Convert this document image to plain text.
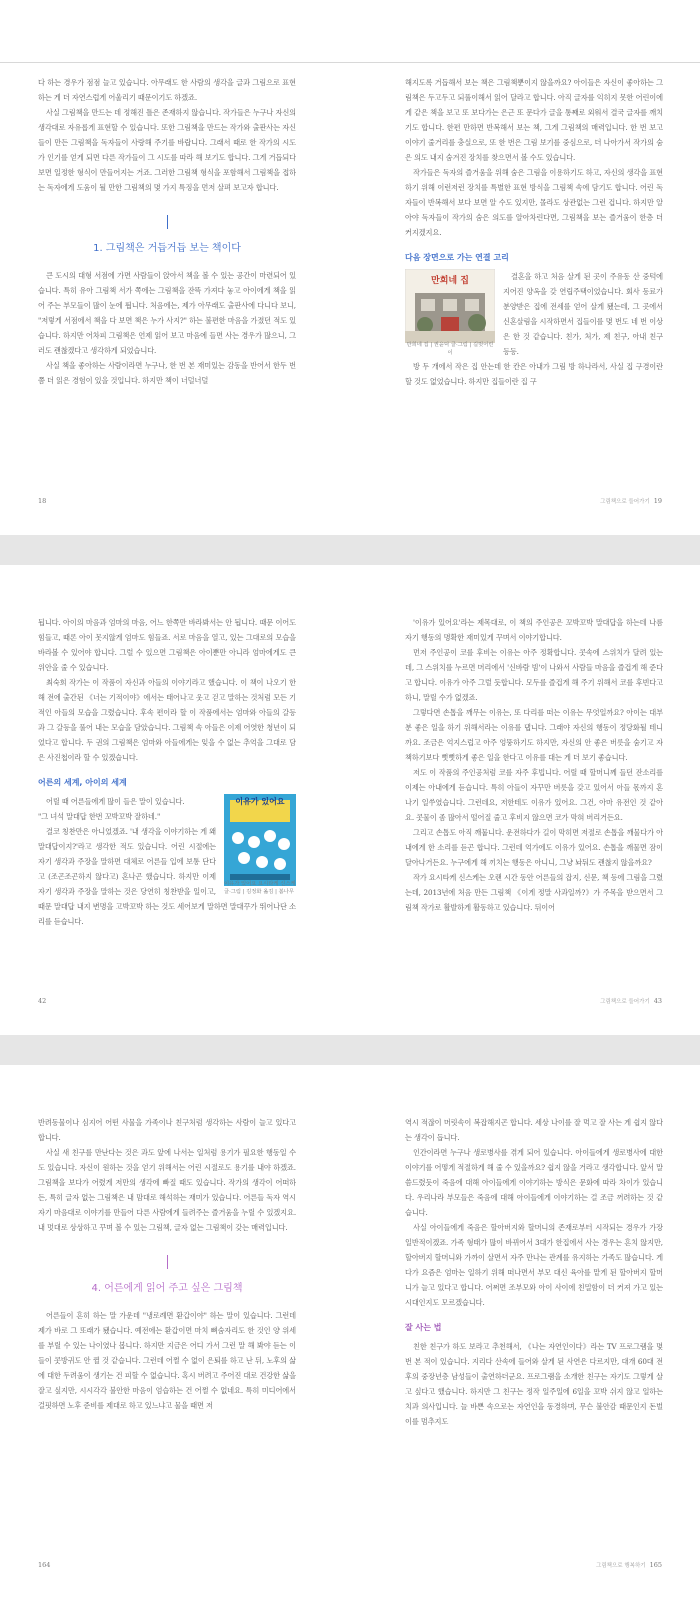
다 하는 경우가 점점 늘고 있습니다. 아무래도 한 사람의 생각을 글과 그림으로 표현하는 게 더 자연스럽게 어울리기 때문이기도 하겠죠.

사실 그림책을 만드는 데 정해진 틀은 존재하지 않습니다. 작가들은 누구나 자신의 생각대로 자유롭게 표현할 수 있습니다. 또한 그림책을 만드는 작가와 출판사는 자신들이 만든 그림책을 독자들이 사랑해 주기를 바랍니다. 그래서 때로 한 작가의 시도가 인기를 얻게 되면 다른 작가들이 그 시도를 따라 해 보기도 합니다. 그게 거듭되다 보면 일정한 형식이 만들어지는 거죠. 그러한 그림책 형식을 포함해서 그림책을 접하는 독자에게 도움이 될 만한 그림책의 몇 가지 특징을 먼저 살펴 보고자 합니다.

1. 그림책은 거듭거듭 보는 책이다

큰 도시의 대형 서점에 가면 사람들이 앉아서 책을 볼 수 있는 공간이 마련되어 있습니다. 특히 유아 그림책 서가 쪽에는 그림책을 잔뜩 가져다 놓고 아이에게 책을 읽어 주는 부모들이 많이 눈에 띕니다. 처음에는, 제가 아무래도 출판사에 다니다 보니, "저렇게 서점에서 책을 다 보면 책은 누가 사지?" 하는 불편한 마음을 가졌던 적도 있습니다. 하지만 어차피 그림책은 언제 읽어 보고 마음에 들면 사는 경우가 많으니, 그러도 괜찮겠다고 생각하게 되었습니다.

사실 책을 좋아하는 사람이라면 누구나, 한 번 본 재미있는 감동을 반어서 한두 번쯤 더 읽은 경험이 있을 것입니다. 하지만 책이 너덜너덜

18

해지도록 거듭해서 보는 책은 그림책뿐이지 않을까요? 아이들은 자신이 좋아하는 그림책은 두고두고 되풀이해서 읽어 달라고 합니다. 아직 글자를 익히지 못한 어린이에게 같은 책을 보고 또 보다가는 은근 또 문다가 글을 통째로 외워서 결국 글자를 깨치기도 합니다. 한편 만하면 반복해서 보는 책, 그게 그림책의 매력입니다. 한 번 보고 이야기 줄거리를 충실으로, 또 한 번은 그림 보기를 중심으로, 더 나아가서 작가의 숨은 의도 내지 숨겨진 장치를 찾으면서 볼 수도 있습니다.

작가들은 독자의 즐거움을 위해 숨은 그림을 이용하기도 하고, 자신의 생각을 표현하기 위해 이런저런 장치를 특별한 표현 방식을 그림책 속에 담기도 합니다. 어린 독자들이 반복해서 보다 보면 알 수도 있지만, 몰라도 상관없는 그런 겁니다. 하지만 알아야 독자들이 작가의 숨은 의도를 알아차린다면, 그림책을 보는 즐거움이 한층 더 커지겠지요.

다음 장면으로 가는 연결 고리
만희네 집
만희네 집 | 권윤덕 글·그림 | 길벗어린이

결혼을 하고 처음 살게 된 곳이 주유동 산 중턱에 지어진 양옥을 갖 연립주택이었습니다. 회사 동료가 분양받은 집에 전세를 얻어 살게 됐는데, 그 곳에서 신혼살림을 시작하면서 집들이를 몇 번도 네 번 이상은 한 것 같습니다. 친가, 처가, 제 친구, 아내 친구 등등.

방 두 개에서 작은 집 안는데 한 칸은 아내가 그림 방 하나라서, 사실 집 구경이란 할 것도 없었습니다. 하지만 집들이란 집 구

그림책으로 들어가기 19

됩니다. 아이의 마음과 엄마의 마음, 어느 한쪽만 바라봐서는 안 됩니다. 때문 이어도 힘들고, 때론 아이 못지않게 엄마도 힘들죠. 서로 마음을 열고, 있는 그대로의 모습을 바라볼 수 있어야 합니다. 그럴 수 있으면 그림책은 아이뿐만 아니라 엄마에게도 큰 위안을 줄 수 있습니다.

최숙희 작가는 이 작품이 자신과 아들의 이야기라고 했습니다. 이 책이 나오기 한 해 전에 출간된 《너는 기적이야》에서는 태어나고 웃고 걷고 말하는 것처럼 모든 기적인 아들의 모습을 그렸습니다. 후속 편이라 할 이 작품에서는 엄마와 아들의 갈등과 그 갈등을 풀어 내는 모습을 담았습니다. 그림책 속 아들은 이제 어엿한 청년이 되었다고 합니다. 두 권의 그림책은 엄마와 아들에게는 잊을 수 없는 추억을 그대로 담은 사진첩이라 할 수 있겠습니다.

어른의 세계, 아이의 세계
이유가 있어요
이유가 있어요 요시타케 신스케 글·그림 | 김정화 옮김 | 봄나무

어릴 때 어른들에게 많이 들은 말이 있습니다.

"그 녀석 말대답 한번 꼬박꼬박 잘하네."

결코 칭찬만은 아니었겠죠. '내 생각을 이야기하는 게 왜 말대답이지?'라고 생각한 적도 있습니다. 어린 시절에는 자기 생각과 주장을 말하면 대체로 어른들 입에 보통 단다고 (조곤조곤하지 않다고) 혼나곤 했습니다. 하지만 이제 자기 생각과 주장을 말하는 것은 당연히 칭찬받을 일이고, 때문 말대답 내지 변명을 고박꼬박 하는 것도 세어보게 말하면 말대꾸가 뛰어나단 소리를 듣습니다.

42

'이유가 있어요'라는 제목대로, 이 책의 주인공은 꼬박꼬박 말대답을 하는데 나름 자기 행동의 명확한 재미있게 꾸며서 이야기합니다.

먼저 주인공이 코를 후비는 이유는 아주 정확합니다. 콧속에 스위치가 달려 있는데, 그 스위치를 누르면 머리에서 '신바람 빔'이 나와서 사람들 마음을 즐겁게 해 준다고 합니다. 이유가 아주 그럴 듯합니다. 모두를 즐겁게 해 주기 위해서 코를 후빈다고 하니, 말릴 수가 없겠죠.

그렇다면 손톱을 깨무는 이유는, 또 다리를 떠는 이유는 무엇일까요? 아이는 대부분 좋은 일을 하기 위해서라는 이유를 댑니다. 그래야 자신의 행동이 정당화될 테니까요. 조금은 억지스럽고 아주 엉뚱하기도 하지만, 자신의 안 좋은 버릇을 숨기고 자책하기보다 뻣뻣하게 좋은 일을 한다고 이유를 대는 게 더 보기 좋습니다.

저도 이 작품의 주인공처럼 코를 자주 후빕니다. 어릴 때 할머니께 들던 잔소리를 이제는 아내에게 듣습니다. 특히 아들이 자꾸만 버릇을 갖고 있어서 아들 몫까지 혼나기 일쑤였습니다. 그런데요, 저한테도 이유가 있어요. 그건, 아마 유전인 것 같아요. 콧물이 좀 많아서 떨어질 줄고 후비지 않으면 코가 막혀 버리거든요.

그리고 손톱도 아직 깨뭅니다. 운전하다가 길이 막히면 저절로 손톱을 깨물다가 아내에게 한 소리를 듣곤 합니다. 그런데 억가에도 이유가 있어요. 손톱을 깨물면 잠이 달아나거든요. 누구에게 해 끼치는 행동은 아니니, 그냥 놔둬도 괜찮지 않을까요?

작가 요시타케 신스케는 오랜 시간 동안 어른들의 잡지, 신문, 책 등에 그림을 그렸는데, 2013년에 처음 만든 그림책 《이게 정말 사과일까?》가 주목을 받으면서 그림책 작가로 활발하게 활동하고 있습니다. 뒤이어

그림책으로 들어가기 43

반려동물이나 심지어 어떤 사물을 가족이나 친구처럼 생각하는 사람이 늘고 있다고 합니다.

사실 새 친구를 만난다는 것은 과도 앞에 나서는 일처럼 용기가 필요한 행동일 수도 있습니다. 자신이 원하는 것을 얻기 위해서는 어린 시절로도 용기를 내야 하겠죠. 그림책을 보다가 어렸게 저만의 생각에 빠질 때도 있습니다. 작가의 생각이 어떠하든, 특히 글자 없는 그림책은 내 맘대로 해석하는 재미가 있습니다. 어른들 독자 역시 자기 마음대로 이야기를 만들어 다른 사람에게 들려주는 즐거움을 누릴 수 있겠지요. 내 멋대로 상상하고 꾸며 볼 수 있는 그림책, 글자 없는 그림책이 갖는 매력입니다.

4. 어른에게 읽어 주고 싶은 그림책

어른들이 흔히 하는 말 가운데 "냉로례면 환갑이야" 하는 말이 있습니다. 그런데 제가 바로 그 또래가 됐습니다. 예전에는 환갑이면 마치 뼈숨자리도 한 것인 양 위세를 부릴 수 있는 나이였나 봅니다. 하지만 지금은 어디 가서 그런 말 해 봐야 듣는 이들이 콧방귀도 안 뀔 것 같습니다. 그런데 어쩔 수 없이 은퇴를 하고 난 뒤, 노후의 삶에 대한 두려움이 생기는 건 피할 수 없습니다. 혹시 버려고 주어진 대로 건강한 삶을 잘고 싶지만, 시시각각 불안한 마음이 엄습하는 건 어쩔 수 없네요. 특히 미디어에서 걸핏하면 노후 준비를 제대로 하고 있느냐고 물을 때면 저

164

역시 적잖이 머릿속이 복잡해지곤 합니다. 세상 나이를 잘 먹고 잘 사는 게 쉽지 않다는 생각이 듭니다.

인간이라면 누구나 생로병사를 겪게 되어 있습니다. 아이들에게 생로병사에 대한 이야기를 어떻게 적절하게 해 줄 수 있을까요? 쉽지 않을 거라고 생각합니다. 앞서 말씀드렸듯이 죽음에 대해 아이들에게 이야기하는 방식은 문화에 따라 차이가 있습니다. 우리나라 부모들은 죽음에 대해 아이들에게 이야기하는 걸 조금 꺼려하는 것 같습니다.

사실 아이들에게 죽음은 할아버지와 할머니의 존재로부터 시작되는 경우가 가장 일반적이겠죠. 가족 형태가 많이 바뀌어서 3대가 한집에서 사는 경우는 흔치 않지만, 할아버지 할머니와 가까이 살면서 자주 만나는 관계를 유지하는 가족도 많습니다. 게다가 요즘은 엄마는 일하기 위해 떠나면서 부모 대신 육아를 맡게 된 할아버지 할머니가 늘고 있다고 합니다. 어쩌면 조부모와 아이 사이에 친밀함이 더 커져 가고 있는 시대인지도 모르겠습니다.

잘 사는 법

친한 친구가 하도 보라고 추천해서, 《나는 자연인이다》라는 TV 프로그램을 몇 번 본 적이 있습니다. 지리다 산속에 들어와 살게 된 사연은 다르지만, 대개 60대 전후의 중장년층 남성들이 출연하더군요. 프로그램을 소개한 친구는 자기도 그렇게 살고 싶다고 했습니다. 하지만 그 친구는 정작 일주일에 6일을 꼬박 쉬지 않고 일하는 치과 의사입니다. 늘 바쁜 속으로는 자연인을 동경하며, 무슨 불안감 때문인지 돈벌이를 멈추지도

그림책으로 행복하기 165
